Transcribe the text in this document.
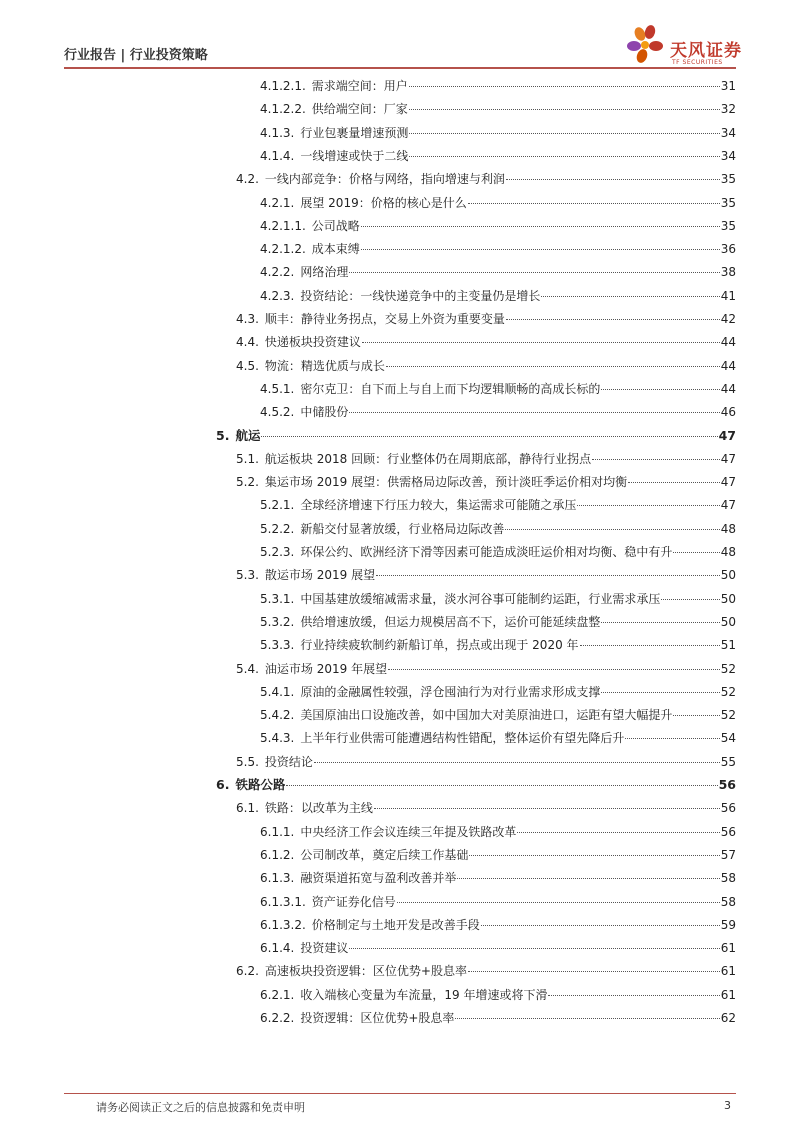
行业报告 | 行业投资策略	天风证券
TF SECURITIES
4.1.2.1. 需求端空间：用户	31
4.1.2.2. 供给端空间：厂家	32
4.1.3. 行业包裹量增速预测	34
4.1.4. 一线增速或快于二线	34
4.2. 一线内部竞争：价格与网络，指向增速与利润	35
4.2.1. 展望 2019：价格的核心是什么	35
4.2.1.1. 公司战略	35
4.2.1.2. 成本束缚	36
4.2.2. 网络治理	38
4.2.3. 投资结论：一线快递竞争中的主变量仍是增长	41
4.3. 顺丰：静待业务拐点，交易上外资为重要变量	42
4.4. 快递板块投资建议	44
4.5. 物流：精选优质与成长	44
4.5.1. 密尔克卫：自下而上与自上而下均逻辑顺畅的高成长标的	44
4.5.2. 中储股份	46
5. 航运	47
5.1. 航运板块 2018 回顾：行业整体仍在周期底部，静待行业拐点	47
5.2. 集运市场 2019 展望：供需格局边际改善，预计淡旺季运价相对均衡	47
5.2.1. 全球经济增速下行压力较大，集运需求可能随之承压	47
5.2.2. 新船交付显著放缓，行业格局边际改善	48
5.2.3. 环保公约、欧洲经济下滑等因素可能造成淡旺运价相对均衡、稳中有升	48
5.3. 散运市场 2019 展望	50
5.3.1. 中国基建放缓缩减需求量，淡水河谷事可能制约运距，行业需求承压	50
5.3.2. 供给增速放缓，但运力规模居高不下，运价可能延续盘整	50
5.3.3. 行业持续疲软制约新船订单，拐点或出现于 2020 年	51
5.4. 油运市场 2019 年展望	52
5.4.1. 原油的金融属性较强，浮仓囤油行为对行业需求形成支撑	52
5.4.2. 美国原油出口设施改善，如中国加大对美原油进口，运距有望大幅提升	52
5.4.3. 上半年行业供需可能遭遇结构性错配，整体运价有望先降后升	54
5.5. 投资结论	55
6. 铁路公路	56
6.1. 铁路：以改革为主线	56
6.1.1. 中央经济工作会议连续三年提及铁路改革	56
6.1.2. 公司制改革，奠定后续工作基础	57
6.1.3. 融资渠道拓宽与盈利改善并举	58
6.1.3.1. 资产证券化信号	58
6.1.3.2. 价格制定与土地开发是改善手段	59
6.1.4. 投资建议	61
6.2. 高速板块投资逻辑：区位优势+股息率	61
6.2.1. 收入端核心变量为车流量，19 年增速或将下滑	61
6.2.2. 投资逻辑：区位优势+股息率	62
请务必阅读正文之后的信息披露和免责申明	3
